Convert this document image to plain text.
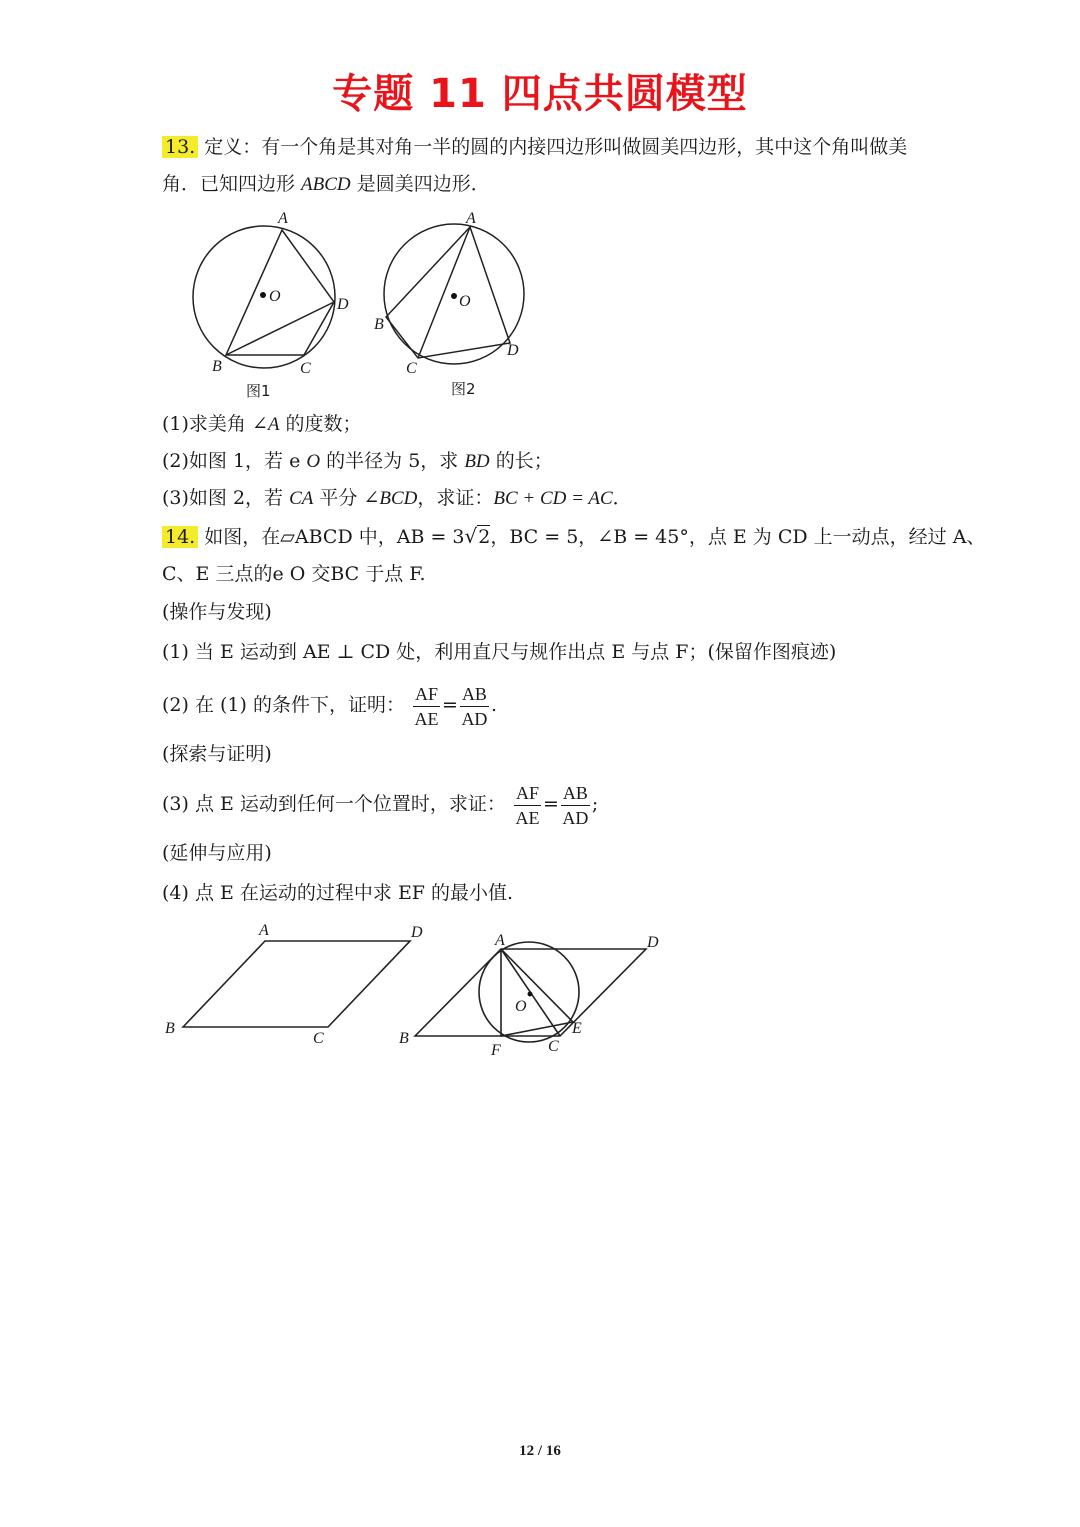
专题 11 四点共圆模型
13. 定义：有一个角是其对角一半的圆的内接四边形叫做圆美四边形，其中这个角叫做美
角．已知四边形 ABCD 是圆美四边形．
A
D
C
B
O
图1
A
D
C
B
O
图2
(1)求美角 ∠A 的度数；
(2)如图 1，若 e O 的半径为 5，求 BD 的长；
(3)如图 2，若 CA 平分 ∠BCD，求证：BC + CD = AC．
14. 如图，在▱ABCD 中，AB = 3√2，BC = 5，∠B = 45°，点 E 为 CD 上一动点，经过 A、
C、E 三点的e O 交BC 于点 F.
(操作与发现)
(1) 当 E 运动到 AE ⊥ CD 处，利用直尺与规作出点 E 与点 F；(保留作图痕迹)
(2) 在 (1) 的条件下，证明： $\frac{AF}{AE} = \frac{AB}{AD}$ .
(探索与证明)
(3) 点 E 运动到任何一个位置时，求证： $\frac{AF}{AE} = \frac{AB}{AD}$ ;
(延伸与应用)
(4) 点 E 在运动的过程中求 EF 的最小值.
A	D
B
C
A	D
B
F	C
E
O
12 / 16
